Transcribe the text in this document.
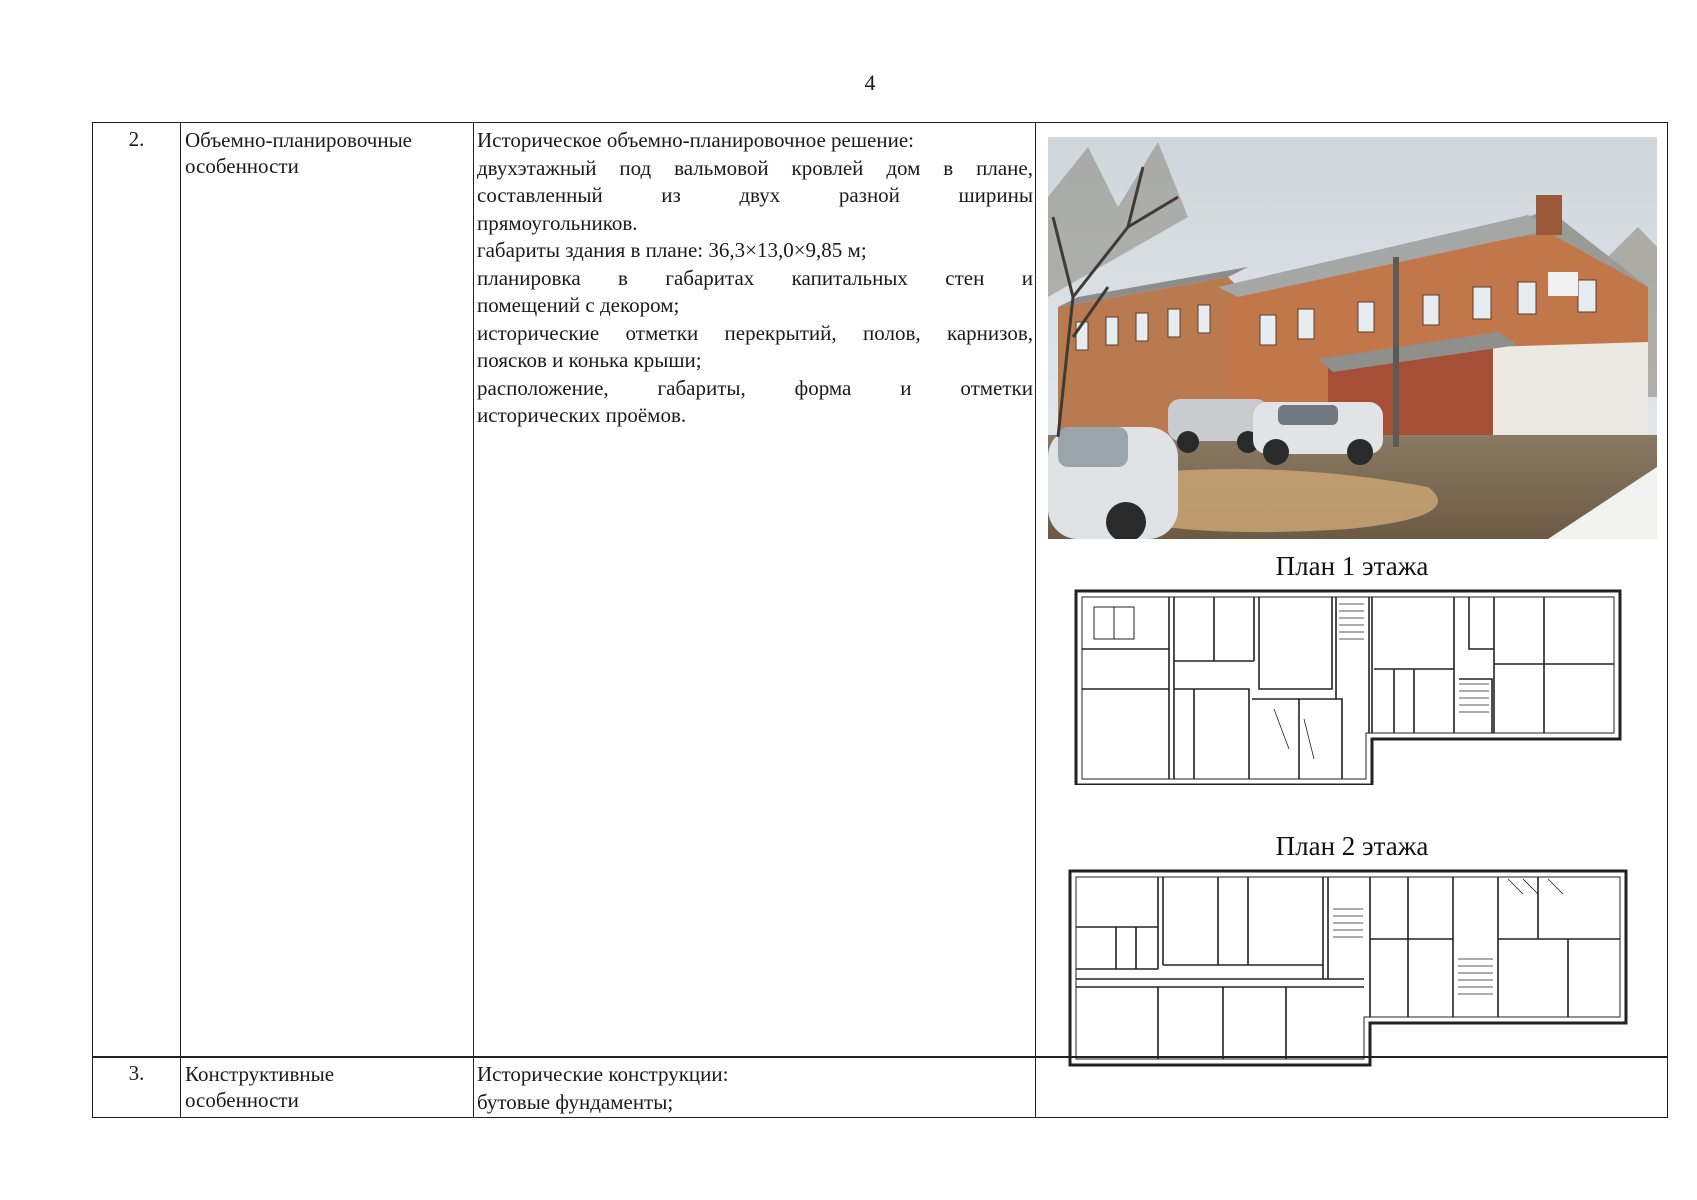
4
2.	Объемно-планировочные
особенности
Историческое объемно-планировочное решение:
двухэтажный под вальмовой кровлей дом в плане,
составленный из двух разной ширины
прямоугольников.
габариты здания в плане: 36,3×13,0×9,85 м;
планировка в габаритах капитальных стен и
помещений с декором;
исторические отметки перекрытий, полов, карнизов,
поясков и конька крыши;
расположение, габариты, форма и отметки
исторических проёмов.
План 1 этажа
План 2 этажа
3.	Конструктивные
особенности
Исторические конструкции:
бутовые фундаменты;
